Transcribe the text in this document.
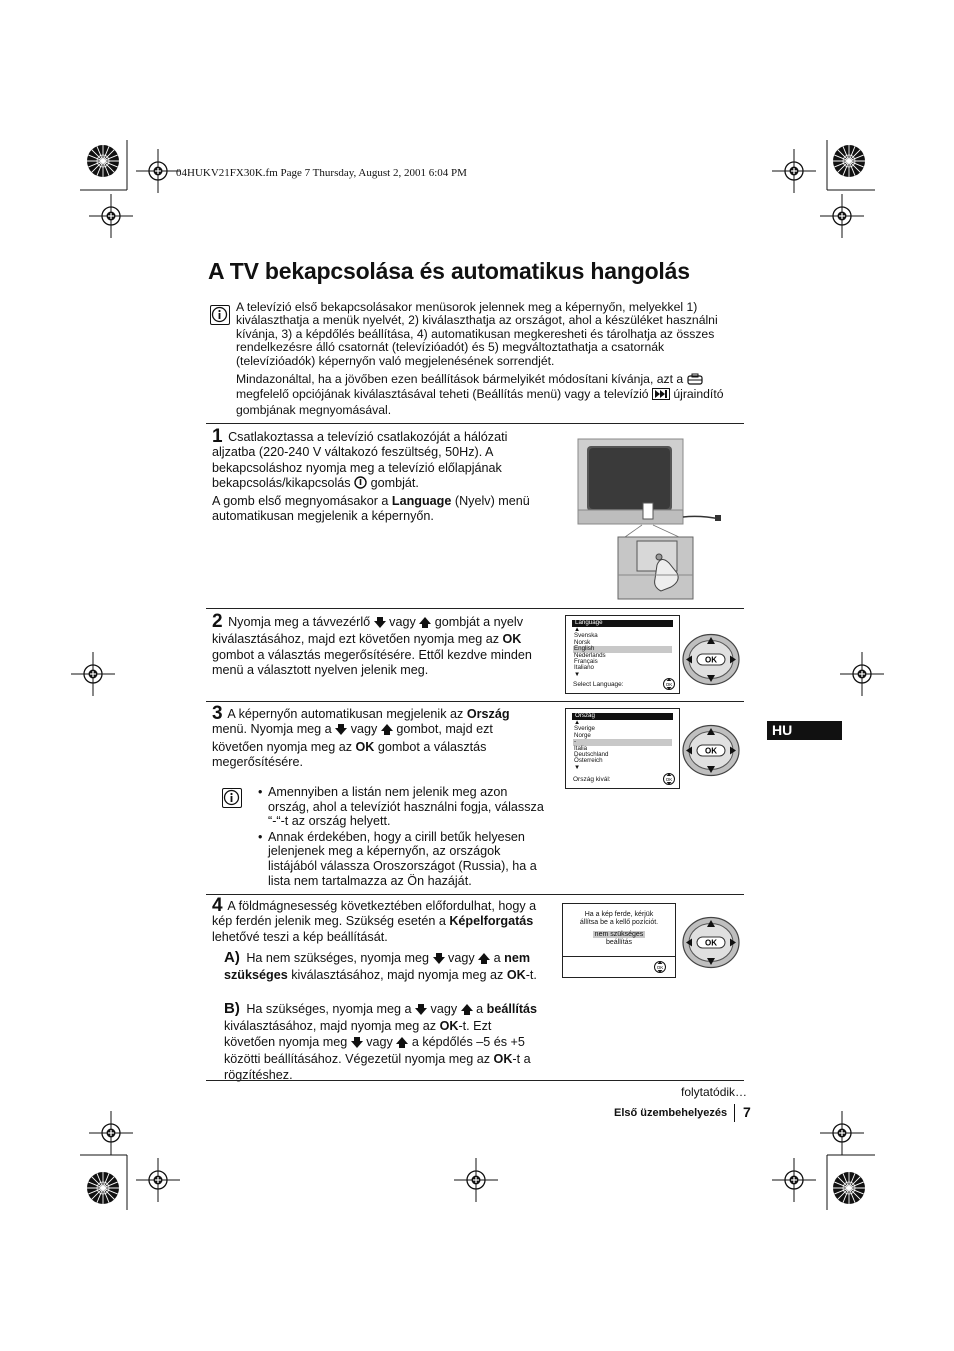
04HUKV21FX30K.fm Page 7 Thursday, August 2, 2001 6:04 PM
A TV bekapcsolása és automatikus hangolás

A televízió első bekapcsolásakor menüsorok jelennek meg a képernyőn, melyekkel 1) kiválaszthatja a menük nyelvét, 2) kiválaszthatja az országot, ahol a készüléket használni kívánja, 3) a képdőlés beállítása, 4) automatikusan megkeresheti és tárolhatja az összes rendelkezésre álló csatornát (televízióadót) és 5) megváltoztathatja a csatornák (televízióadók) képernyőn való megjelenésének sorrendjét.

Mindazonáltal, ha a jövőben ezen beállítások bármelyikét módosítani kívánja, azt a  megfelelő opciójának kiválasztásával teheti (Beállítás menü) vagy a televízió újraindító gombjának megnyomásával.

1 Csatlakoztassa a televízió csatlakozóját a hálózati aljzatba (220-240 V váltakozó feszültség, 50Hz). A bekapcsoláshoz nyomja meg a televízió előlapjának bekapcsolás/kikapcsolás gombját.
A gomb első megnyomásakor a Language (Nyelv) menü automatikusan megjelenik a képernyőn.
2 Nyomja meg a távvezérlő vagy gombját a nyelv kiválasztásához, majd ezt követően nyomja meg az OK gombot a választás megerősítésére. Ettől kezdve minden menü a választott nyelven jelenik meg.
Language
▲
Svenska
Norsk
English
Nederlands
Français
Italiano
▼
Select Language:	OK
OK
HU
3 A képernyőn automatikusan megjelenik az Ország menü. Nyomja meg a vagy gombot, majd ezt követően nyomja meg az OK gombot a választás megerősítésére.
Ország
▲
Sverige
Norge
-
Italia
Deutschland
Österreich
▼
Ország kivál:	OK
OK
• Amennyiben a listán nem jelenik meg azon ország, ahol a televíziót használni fogja, válassza “-“-t az ország helyett.
• Annak érdekében, hogy a cirill betűk helyesen jelenjenek meg a képernyőn, az országok listájából válassza Oroszországot (Russia), ha a lista nem tartalmazza az Ön hazáját.
4 A földmágnesesség következtében előfordulhat, hogy a kép ferdén jelenik meg. Szükség esetén a Képelforgatás lehetővé teszi a kép beállítását.
A) Ha nem szükséges, nyomja meg vagy a nem szükséges kiválasztásához, majd nyomja meg az OK-t.
B) Ha szükséges, nyomja meg a vagy a beállítás kiválasztásához, majd nyomja meg az OK-t. Ezt követően nyomja meg vagy a képdőlés –5 és +5 közötti beállításához. Végezetül nyomja meg az OK-t a rögzítéshez.
Ha a kép ferde, kérjük
állítsa be a kellő pozíciót.
nem szükséges
beállítás
OK
OK
folytatódik…
Első üzembehelyezés 7
